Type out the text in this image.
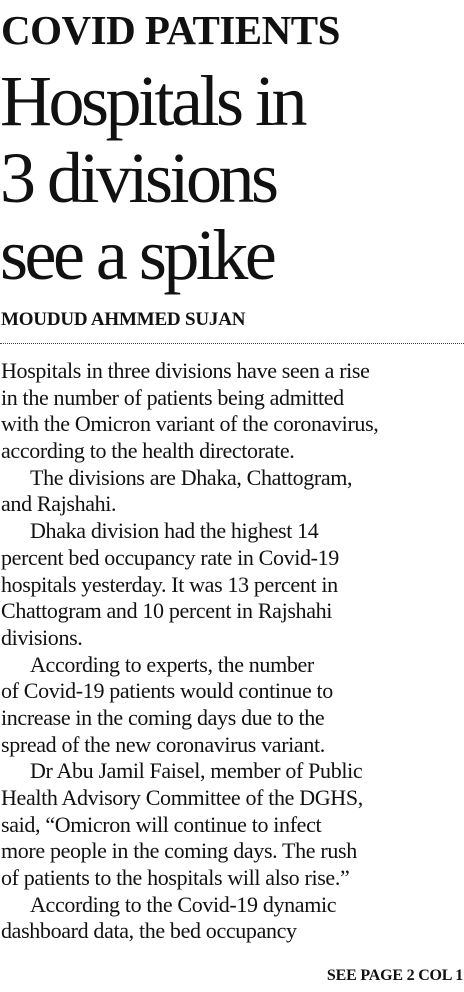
COVID PATIENTS
Hospitals in
3 divisions
see a spike
MOUDUD AHMMED SUJAN
Hospitals in three divisions have seen a rise
in the number of patients being admitted
with the Omicron variant of the coronavirus,
according to the health directorate.
The divisions are Dhaka, Chattogram,
and Rajshahi.
Dhaka division had the highest 14
percent bed occupancy rate in Covid-19
hospitals yesterday. It was 13 percent in
Chattogram and 10 percent in Rajshahi
divisions.
According to experts, the number
of Covid-19 patients would continue to
increase in the coming days due to the
spread of the new coronavirus variant.
Dr Abu Jamil Faisel, member of Public
Health Advisory Committee of the DGHS,
said, “Omicron will continue to infect
more people in the coming days. The rush
of patients to the hospitals will also rise.”
According to the Covid-19 dynamic
dashboard data, the bed occupancy
SEE PAGE 2 COL 1
